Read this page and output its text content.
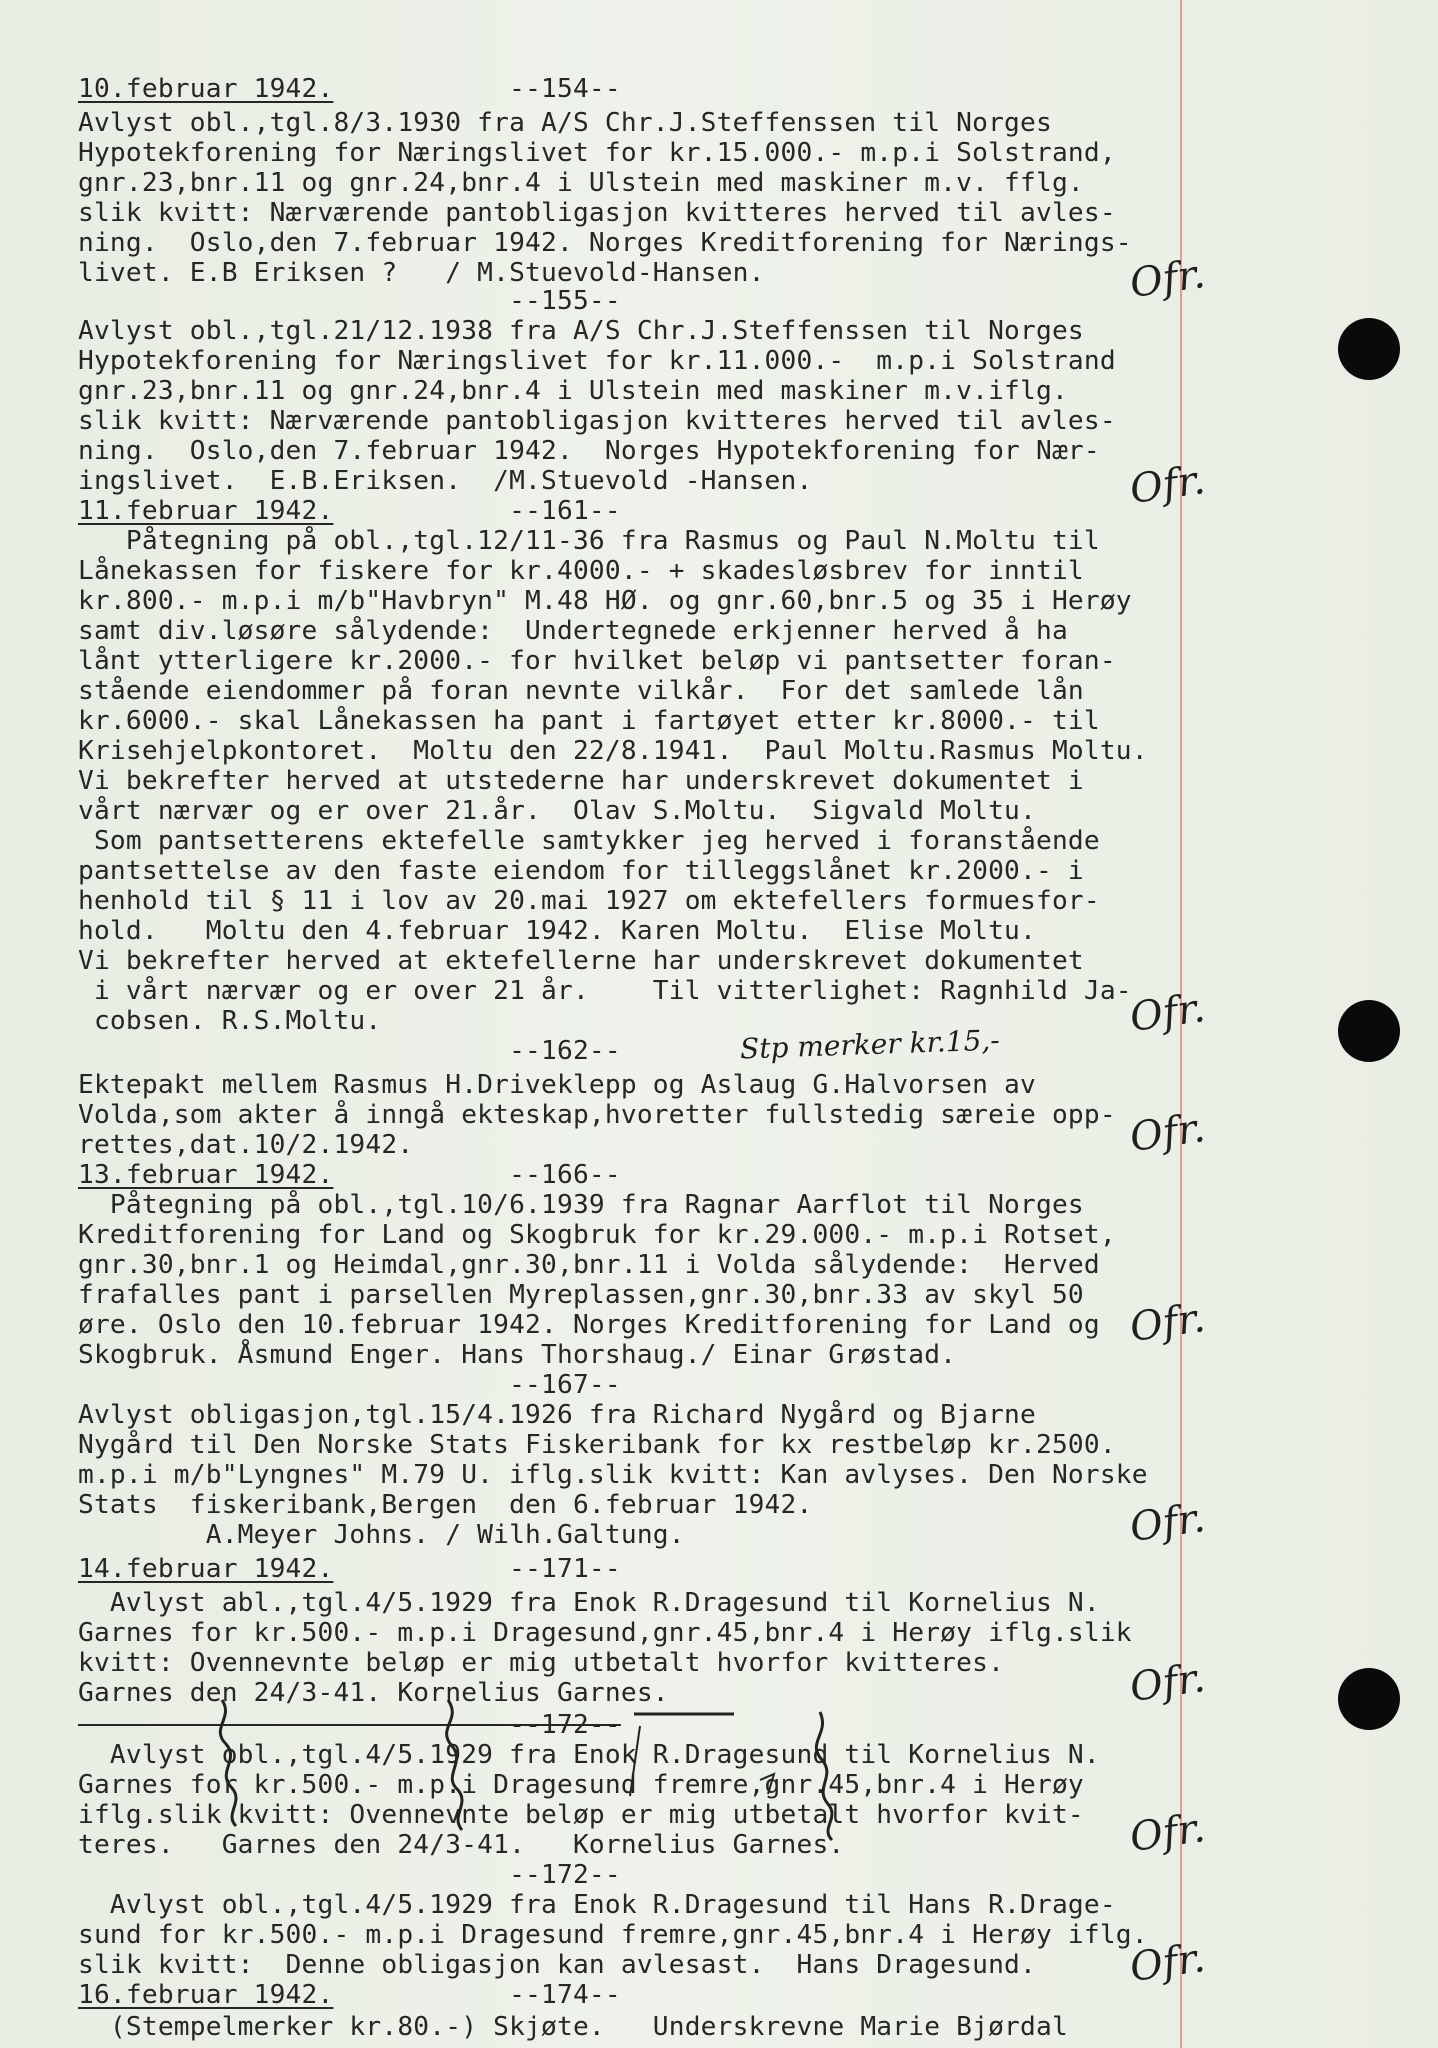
10.februar 1942.           --154--
Avlyst obl.,tgl.8/3.1930 fra A/S Chr.J.Steffenssen til Norges
Hypotekforening for Næringslivet for kr.15.000.- m.p.i Solstrand,
gnr.23,bnr.11 og gnr.24,bnr.4 i Ulstein med maskiner m.v. fflg.
slik kvitt: Nærværende pantobligasjon kvitteres herved til avles-
ning.  Oslo,den 7.februar 1942. Norges Kreditforening for Nærings-
livet. E.B Eriksen ?   / M.Stuevold-Hansen.
--155--
Avlyst obl.,tgl.21/12.1938 fra A/S Chr.J.Steffenssen til Norges
Hypotekforening for Næringslivet for kr.11.000.-  m.p.i Solstrand
gnr.23,bnr.11 og gnr.24,bnr.4 i Ulstein med maskiner m.v.iflg.
slik kvitt: Nærværende pantobligasjon kvitteres herved til avles-
ning.  Oslo,den 7.februar 1942.  Norges Hypotekforening for Nær-
ingslivet.  E.B.Eriksen.  /M.Stuevold -Hansen.
11.februar 1942.           --161--
Påtegning på obl.,tgl.12/11-36 fra Rasmus og Paul N.Moltu til
Lånekassen for fiskere for kr.4000.- + skadesløsbrev for inntil
kr.800.- m.p.i m/b"Havbryn" M.48 HØ. og gnr.60,bnr.5 og 35 i Herøy
samt div.løsøre sålydende:  Undertegnede erkjenner herved å ha
lånt ytterligere kr.2000.- for hvilket beløp vi pantsetter foran-
stående eiendommer på foran nevnte vilkår.  For det samlede lån
kr.6000.- skal Lånekassen ha pant i fartøyet etter kr.8000.- til
Krisehjelpkontoret.  Moltu den 22/8.1941.  Paul Moltu.Rasmus Moltu.
Vi bekrefter herved at utstederne har underskrevet dokumentet i
vårt nærvær og er over 21.år.  Olav S.Moltu.  Sigvald Moltu.
Som pantsetterens ektefelle samtykker jeg herved i foranstående
pantsettelse av den faste eiendom for tilleggslånet kr.2000.- i
henhold til § 11 i lov av 20.mai 1927 om ektefellers formuesfor-
hold.   Moltu den 4.februar 1942. Karen Moltu.  Elise Moltu.
Vi bekrefter herved at ektefellerne har underskrevet dokumentet
i vårt nærvær og er over 21 år.    Til vitterlighet: Ragnhild Ja-
cobsen. R.S.Moltu.
--162--
Ektepakt mellem Rasmus H.Driveklepp og Aslaug G.Halvorsen av
Volda,som akter å inngå ekteskap,hvoretter fullstedig særeie opp-
rettes,dat.10/2.1942.
13.februar 1942.           --166--
Påtegning på obl.,tgl.10/6.1939 fra Ragnar Aarflot til Norges
Kreditforening for Land og Skogbruk for kr.29.000.- m.p.i Rotset,
gnr.30,bnr.1 og Heimdal,gnr.30,bnr.11 i Volda sålydende:  Herved
frafalles pant i parsellen Myreplassen,gnr.30,bnr.33 av skyl 50
øre. Oslo den 10.februar 1942. Norges Kreditforening for Land og
Skogbruk. Åsmund Enger. Hans Thorshaug./ Einar Grøstad.
--167--
Avlyst obligasjon,tgl.15/4.1926 fra Richard Nygård og Bjarne
Nygård til Den Norske Stats Fiskeribank for kx restbeløp kr.2500.
m.p.i m/b"Lyngnes" M.79 U. iflg.slik kvitt: Kan avlyses. Den Norske
Stats  fiskeribank,Bergen  den 6.februar 1942.
A.Meyer Johns. / Wilh.Galtung.
14.februar 1942.           --171--
Avlyst abl.,tgl.4/5.1929 fra Enok R.Dragesund til Kornelius N.
Garnes for kr.500.- m.p.i Dragesund,gnr.45,bnr.4 i Herøy iflg.slik
kvitt: Ovennevnte beløp er mig utbetalt hvorfor kvitteres.
Garnes den 24/3-41. Kornelius Garnes.
--172--
Avlyst obl.,tgl.4/5.1929 fra Enok R.Dragesund til Kornelius N.
Garnes for kr.500.- m.p.i Dragesund fremre,gnr.45,bnr.4 i Herøy
iflg.slik kvitt: Ovennevnte beløp er mig utbetalt hvorfor kvit-
teres.   Garnes den 24/3-41.   Kornelius Garnes.
--172--
Avlyst obl.,tgl.4/5.1929 fra Enok R.Dragesund til Hans R.Drage-
sund for kr.500.- m.p.i Dragesund fremre,gnr.45,bnr.4 i Herøy iflg.
slik kvitt:  Denne obligasjon kan avlesast.  Hans Dragesund.
16.februar 1942.           --174--
(Stempelmerker kr.80.-) Skjøte.   Underskrevne Marie Bjørdal
Ofr.
Ofr.
Ofr.
Ofr.
Ofr.
Ofr.
Ofr.
Ofr.
Ofr.
Stp merker kr.15,-
